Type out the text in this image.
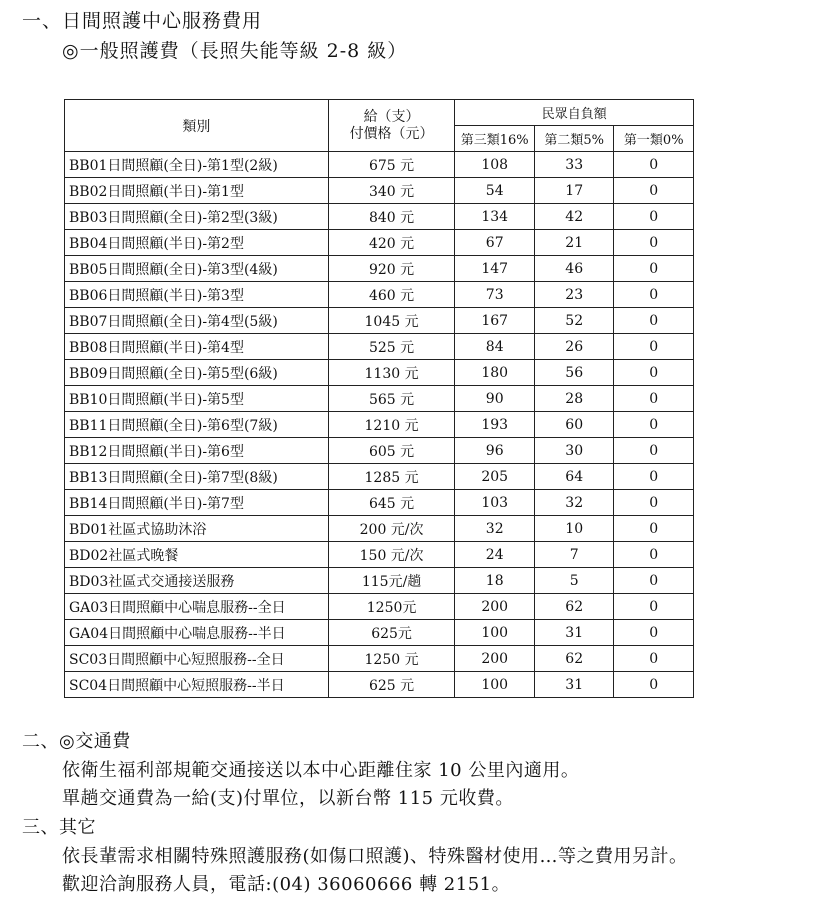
一、日間照護中心服務費用
◎一般照護費（長照失能等級 2-8 級）
類別	給（支）
付價格（元）	民眾自負額		
		第三類16%	第二類5%	第一類0%
BB01日間照顧(全日)-第1型(2級)	675 元	108	33	0
BB02日間照顧(半日)-第1型	340 元	54	17	0
BB03日間照顧(全日)-第2型(3級)	840 元	134	42	0
BB04日間照顧(半日)-第2型	420 元	67	21	0
BB05日間照顧(全日)-第3型(4級)	920 元	147	46	0
BB06日間照顧(半日)-第3型	460 元	73	23	0
BB07日間照顧(全日)-第4型(5級)	1045 元	167	52	0
BB08日間照顧(半日)-第4型	525 元	84	26	0
BB09日間照顧(全日)-第5型(6級)	1130 元	180	56	0
BB10日間照顧(半日)-第5型	565 元	90	28	0
BB11日間照顧(全日)-第6型(7級)	1210 元	193	60	0
BB12日間照顧(半日)-第6型	605 元	96	30	0
BB13日間照顧(全日)-第7型(8級)	1285 元	205	64	0
BB14日間照顧(半日)-第7型	645 元	103	32	0
BD01社區式協助沐浴	200 元/次	32	10	0
BD02社區式晚餐	150 元/次	24	7	0
BD03社區式交通接送服務	115元/趟	18	5	0
GA03日間照顧中心喘息服務--全日	1250元	200	62	0
GA04日間照顧中心喘息服務--半日	625元	100	31	0
SC03日間照顧中心短照服務--全日	1250 元	200	62	0
SC04日間照顧中心短照服務--半日	625 元	100	31	0
二、◎交通費
依衛生福利部規範交通接送以本中心距離住家 10 公里內適用。
單趟交通費為一給(支)付單位，以新台幣 115 元收費。
三、其它
依長輩需求相關特殊照護服務(如傷口照護)、特殊醫材使用…等之費用另計。
歡迎洽詢服務人員，電話:(04) 36060666 轉 2151。
